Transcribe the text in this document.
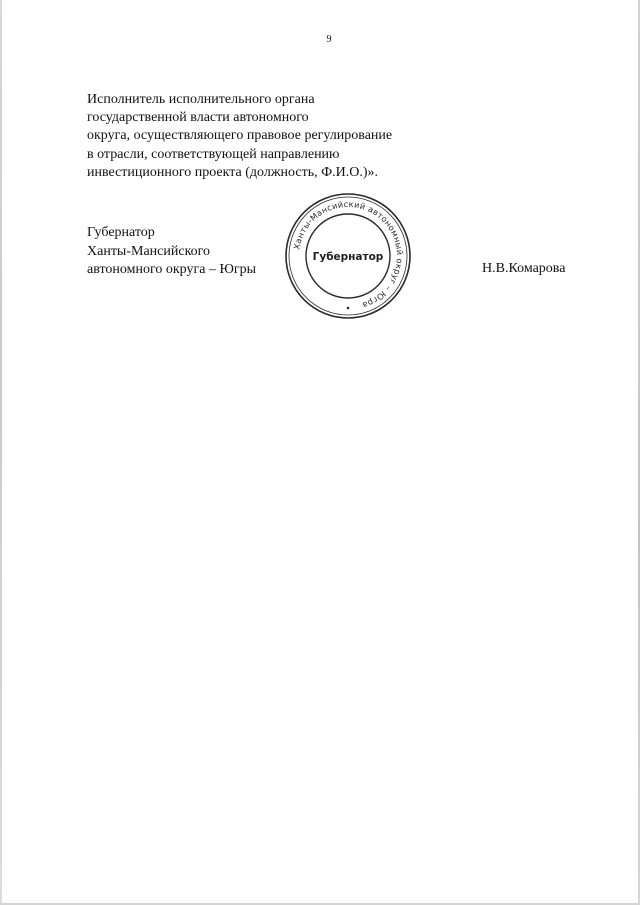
9
Исполнитель исполнительного органа
государственной власти автономного
округа, осуществляющего правовое регулирование
в отрасли, соответствующей направлению
инвестиционного проекта (должность, Ф.И.О.)».
Губернатор
Ханты-Мансийского
автономного округа – Югры
Ханты-Мансийский автономный округ – Югра
Губернатор
Н.В.Комарова
